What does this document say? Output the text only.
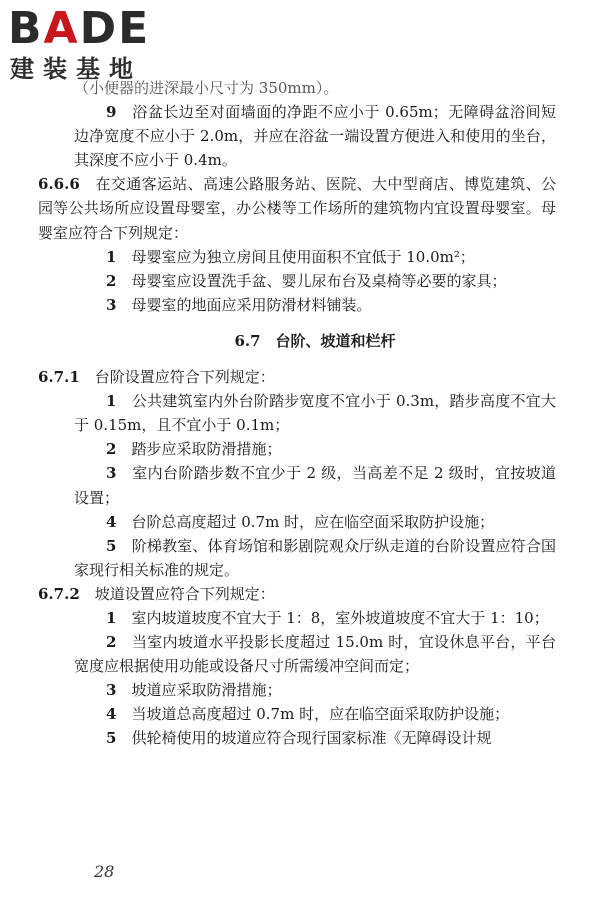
BADE
建装基地

（小便器的进深最小尺寸为 350mm）。

9　 浴盆长边至对面墙面的净距不应小于 0.65m；无障碍盆浴间短边净宽度不应小于 2.0m，并应在浴盆一端设置方便进入和使用的坐台，其深度不应小于 0.4m。

6.6.6　 在交通客运站、高速公路服务站、医院、大中型商店、博览建筑、公园等公共场所应设置母婴室，办公楼等工作场所的建筑物内宜设置母婴室。母婴室应符合下列规定：

1　 母婴室应为独立房间且使用面积不宜低于 10.0m²；

2　 母婴室应设置洗手盆、婴儿尿布台及桌椅等必要的家具；

3　 母婴室的地面应采用防滑材料铺装。

6.7　台阶、坡道和栏杆

6.7.1　 台阶设置应符合下列规定：

1　 公共建筑室内外台阶踏步宽度不宜小于 0.3m，踏步高度不宜大于 0.15m，且不宜小于 0.1m；

2　 踏步应采取防滑措施；

3　 室内台阶踏步数不宜少于 2 级，当高差不足 2 级时，宜按坡道设置；

4　 台阶总高度超过 0.7m 时，应在临空面采取防护设施；

5　 阶梯教室、体育场馆和影剧院观众厅纵走道的台阶设置应符合国家现行相关标准的规定。

6.7.2　 坡道设置应符合下列规定：

1　 室内坡道坡度不宜大于 1：8，室外坡道坡度不宜大于 1：10；

2　 当室内坡道水平投影长度超过 15.0m 时，宜设休息平台，平台宽度应根据使用功能或设备尺寸所需缓冲空间而定；

3　 坡道应采取防滑措施；

4　 当坡道总高度超过 0.7m 时，应在临空面采取防护设施；

5　 供轮椅使用的坡道应符合现行国家标准《无障碍设计规

28
